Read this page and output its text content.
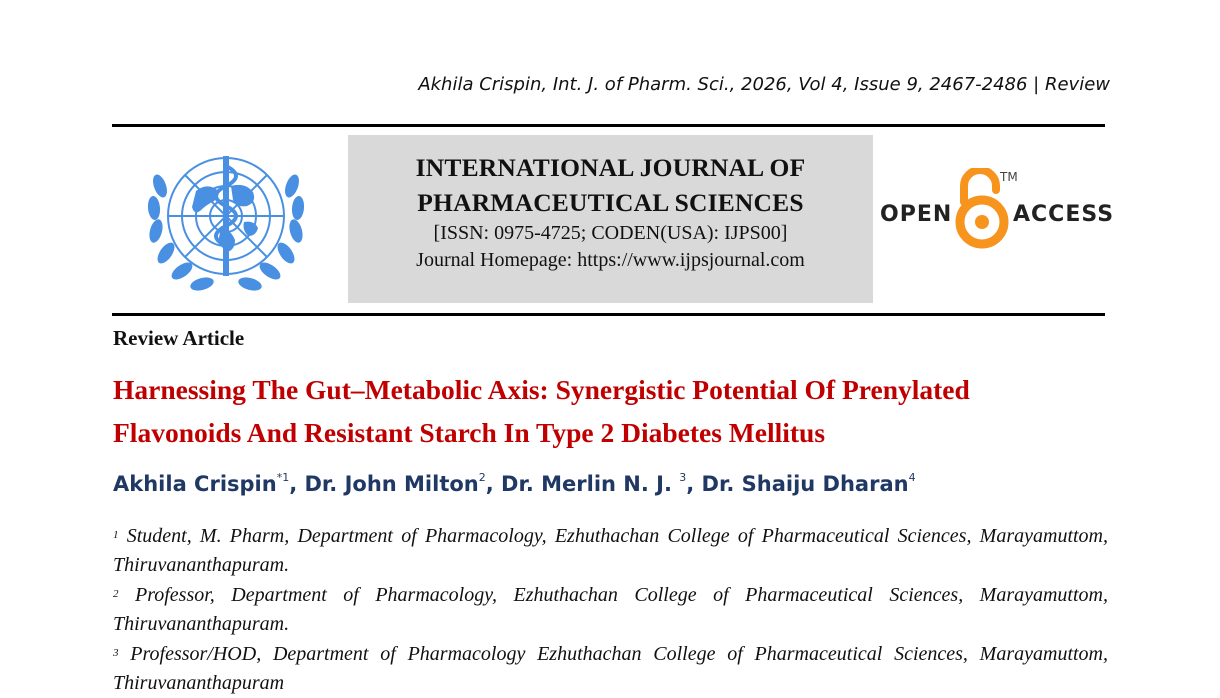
Akhila Crispin, Int. J. of Pharm. Sci., 2026, Vol 4, Issue 9, 2467-2486 | Review
INTERNATIONAL JOURNAL OF
PHARMACEUTICAL SCIENCES
[ISSN: 0975-4725; CODEN(USA): IJPS00]
Journal Homepage: https://www.ijpsjournal.com
OPEN
TM
ACCESS
Review Article
Harnessing The Gut–Metabolic Axis: Synergistic Potential Of Prenylated
Flavonoids And Resistant Starch In Type 2 Diabetes Mellitus
Akhila Crispin$^{*1}$, Dr. John Milton$^2$, Dr. Merlin N. J. $^3$, Dr. Shaiju Dharan$^4$
$^1$ Student, M. Pharm, Department of Pharmacology, Ezhuthachan College of Pharmaceutical Sciences, Marayamuttom, Thiruvananthapuram.
$^2$ Professor, Department of Pharmacology, Ezhuthachan College of Pharmaceutical Sciences, Marayamuttom, Thiruvananthapuram.
$^3$ Professor/HOD, Department of Pharmacology Ezhuthachan College of Pharmaceutical Sciences, Marayamuttom, Thiruvananthapuram
